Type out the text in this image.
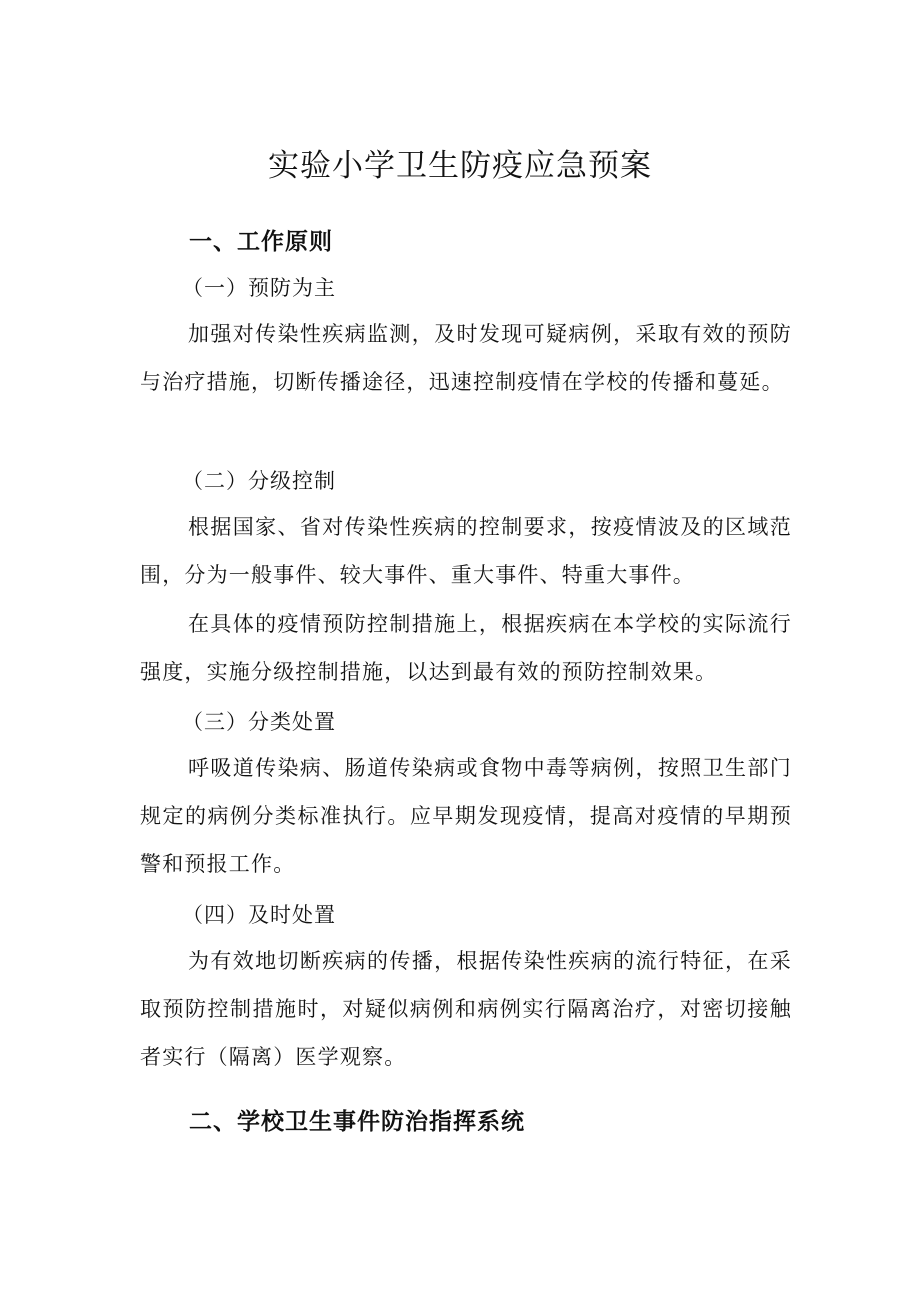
实验小学卫生防疫应急预案
一、工作原则
（一）预防为主
加强对传染性疾病监测，及时发现可疑病例，采取有效的预防与治疗措施，切断传播途径，迅速控制疫情在学校的传播和蔓延。
（二）分级控制
根据国家、省对传染性疾病的控制要求，按疫情波及的区域范围，分为一般事件、较大事件、重大事件、特重大事件。
在具体的疫情预防控制措施上，根据疾病在本学校的实际流行强度，实施分级控制措施，以达到最有效的预防控制效果。
（三）分类处置
呼吸道传染病、肠道传染病或食物中毒等病例，按照卫生部门规定的病例分类标准执行。应早期发现疫情，提高对疫情的早期预警和预报工作。
（四）及时处置
为有效地切断疾病的传播，根据传染性疾病的流行特征，在采取预防控制措施时，对疑似病例和病例实行隔离治疗，对密切接触者实行（隔离）医学观察。
二、学校卫生事件防治指挥系统
